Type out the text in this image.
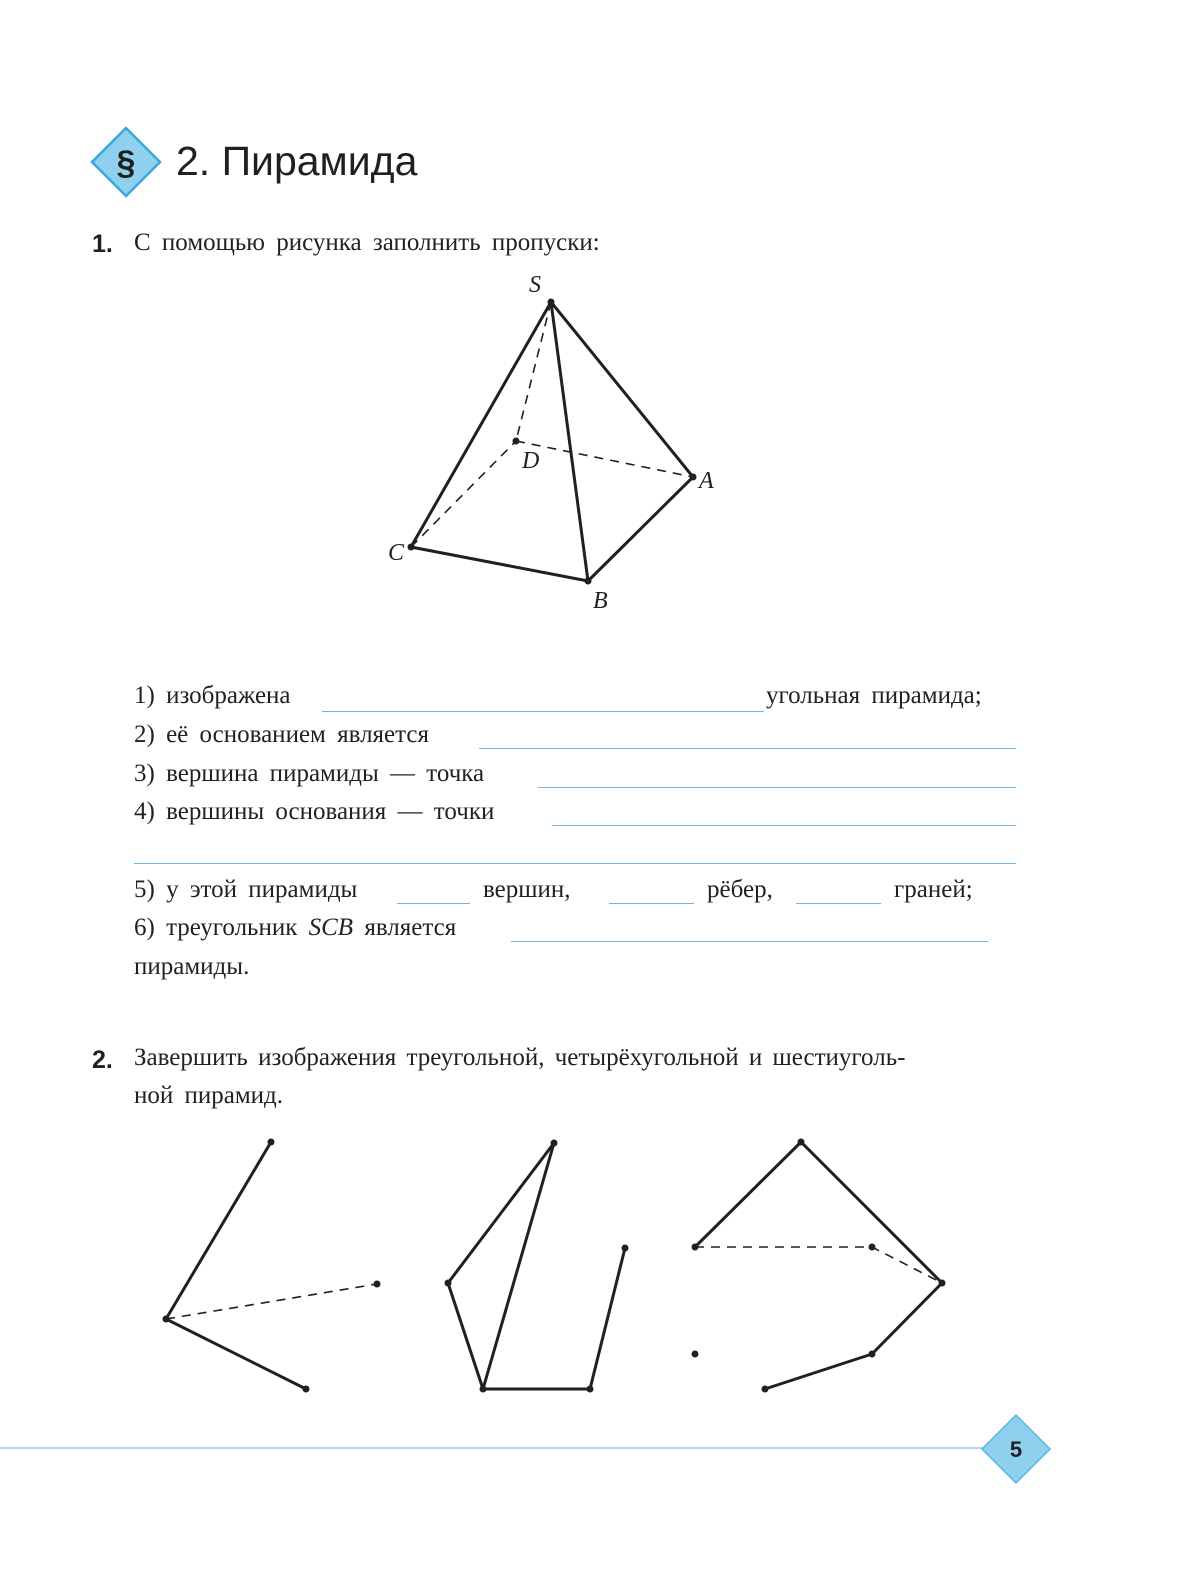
§ 2. Пирамида
1. С помощью рисунка заполнить пропуски:
S
D
A
C
B
1) изображена	угольная пирамида;
2) её основанием является
3) вершина пирамиды — точка
4) вершины основания — точки
5) у этой пирамиды	вершин,	рёбер,	граней;
6) треугольник SCB является
пирамиды.
2. Завершить изображения треугольной, четырёхугольной и шестиуголь-
ной пирамид.
5
